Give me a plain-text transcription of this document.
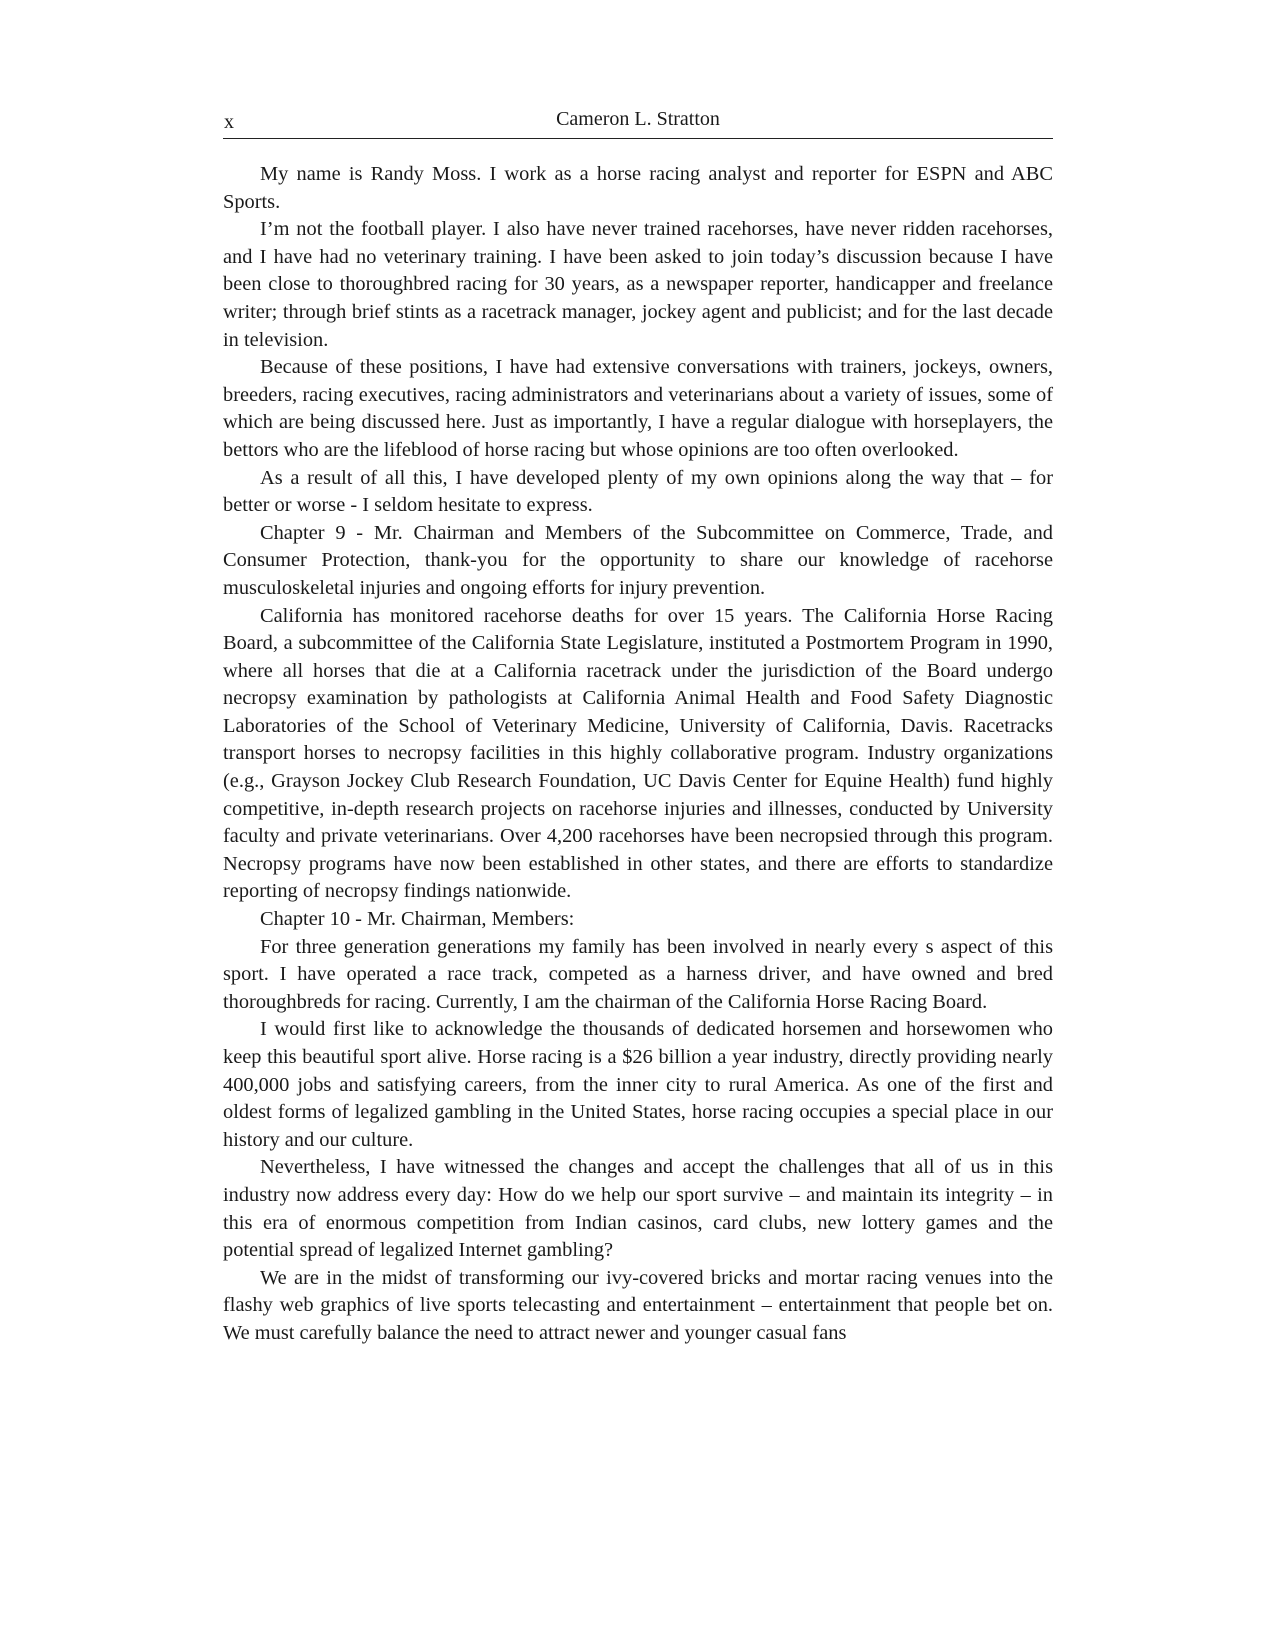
x	Cameron L. Stratton

My name is Randy Moss. I work as a horse racing analyst and reporter for ESPN and ABC Sports.

I’m not the football player. I also have never trained racehorses, have never ridden racehorses, and I have had no veterinary training. I have been asked to join today’s discussion because I have been close to thoroughbred racing for 30 years, as a newspaper reporter, handicapper and freelance writer; through brief stints as a racetrack manager, jockey agent and publicist; and for the last decade in television.

Because of these positions, I have had extensive conversations with trainers, jockeys, owners, breeders, racing executives, racing administrators and veterinarians about a variety of issues, some of which are being discussed here. Just as importantly, I have a regular dialogue with horseplayers, the bettors who are the lifeblood of horse racing but whose opinions are too often overlooked.

As a result of all this, I have developed plenty of my own opinions along the way that – for better or worse - I seldom hesitate to express.

Chapter 9 - Mr. Chairman and Members of the Subcommittee on Commerce, Trade, and Consumer Protection, thank-you for the opportunity to share our knowledge of racehorse musculoskeletal injuries and ongoing efforts for injury prevention.

California has monitored racehorse deaths for over 15 years. The California Horse Racing Board, a subcommittee of the California State Legislature, instituted a Postmortem Program in 1990, where all horses that die at a California racetrack under the jurisdiction of the Board undergo necropsy examination by pathologists at California Animal Health and Food Safety Diagnostic Laboratories of the School of Veterinary Medicine, University of California, Davis. Racetracks transport horses to necropsy facilities in this highly collaborative program. Industry organizations (e.g., Grayson Jockey Club Research Foundation, UC Davis Center for Equine Health) fund highly competitive, in-depth research projects on racehorse injuries and illnesses, conducted by University faculty and private veterinarians. Over 4,200 racehorses have been necropsied through this program. Necropsy programs have now been established in other states, and there are efforts to standardize reporting of necropsy findings nationwide.

Chapter 10 - Mr. Chairman, Members:

For three generation generations my family has been involved in nearly every s aspect of this sport. I have operated a race track, competed as a harness driver, and have owned and bred thoroughbreds for racing. Currently, I am the chairman of the California Horse Racing Board.

I would first like to acknowledge the thousands of dedicated horsemen and horsewomen who keep this beautiful sport alive. Horse racing is a $26 billion a year industry, directly providing nearly 400,000 jobs and satisfying careers, from the inner city to rural America. As one of the first and oldest forms of legalized gambling in the United States, horse racing occupies a special place in our history and our culture.

Nevertheless, I have witnessed the changes and accept the challenges that all of us in this industry now address every day: How do we help our sport survive – and maintain its integrity – in this era of enormous competition from Indian casinos, card clubs, new lottery games and the potential spread of legalized Internet gambling?

We are in the midst of transforming our ivy-covered bricks and mortar racing venues into the flashy web graphics of live sports telecasting and entertainment – entertainment that people bet on. We must carefully balance the need to attract newer and younger casual fans
